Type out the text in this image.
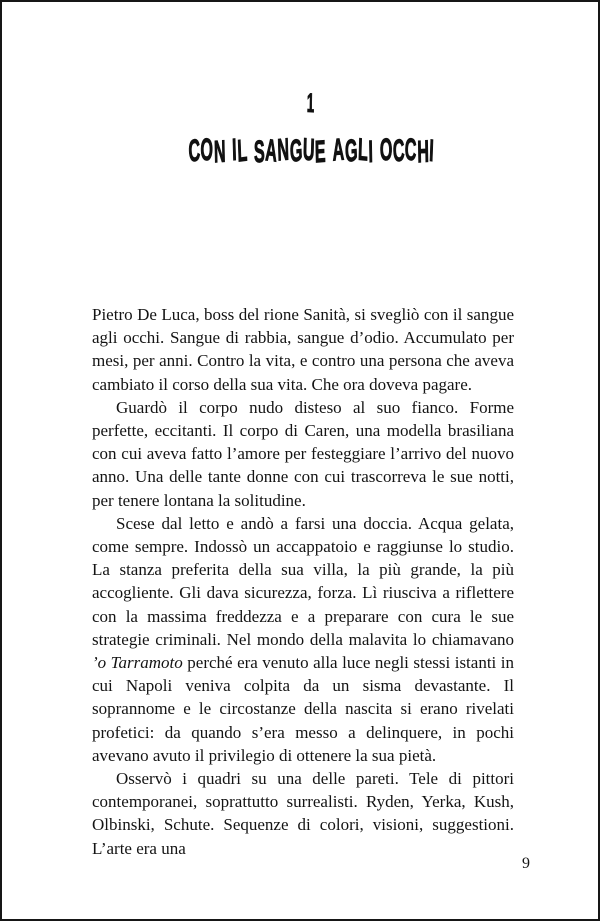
1
CON IL SANGUE AGLI OCCHI

Pietro De Luca, boss del rione Sanità, si svegliò con il sangue agli occhi. Sangue di rabbia, sangue d’odio. Accumulato per mesi, per anni. Contro la vita, e contro una persona che aveva cambiato il corso della sua vita. Che ora doveva pagare.

Guardò il corpo nudo disteso al suo fianco. Forme perfette, eccitanti. Il corpo di Caren, una modella brasiliana con cui aveva fatto l’amore per festeggiare l’arrivo del nuovo anno. Una delle tante donne con cui trascorreva le sue notti, per tenere lontana la solitudine.

Scese dal letto e andò a farsi una doccia. Acqua gelata, come sempre. Indossò un accappatoio e raggiunse lo studio. La stanza preferita della sua villa, la più grande, la più accogliente. Gli dava sicurezza, forza. Lì riusciva a riflettere con la massima freddezza e a preparare con cura le sue strategie criminali. Nel mondo della malavita lo chiamavano ’o Tarramoto perché era venuto alla luce negli stessi istanti in cui Napoli veniva colpita da un sisma devastante. Il soprannome e le circostanze della nascita si erano rivelati profetici: da quando s’era messo a delinquere, in pochi avevano avuto il privilegio di ottenere la sua pietà.

Osservò i quadri su una delle pareti. Tele di pittori contemporanei, soprattutto surrealisti. Ryden, Yerka, Kush, Olbinski, Schute. Sequenze di colori, visioni, suggestioni. L’arte era una

9
